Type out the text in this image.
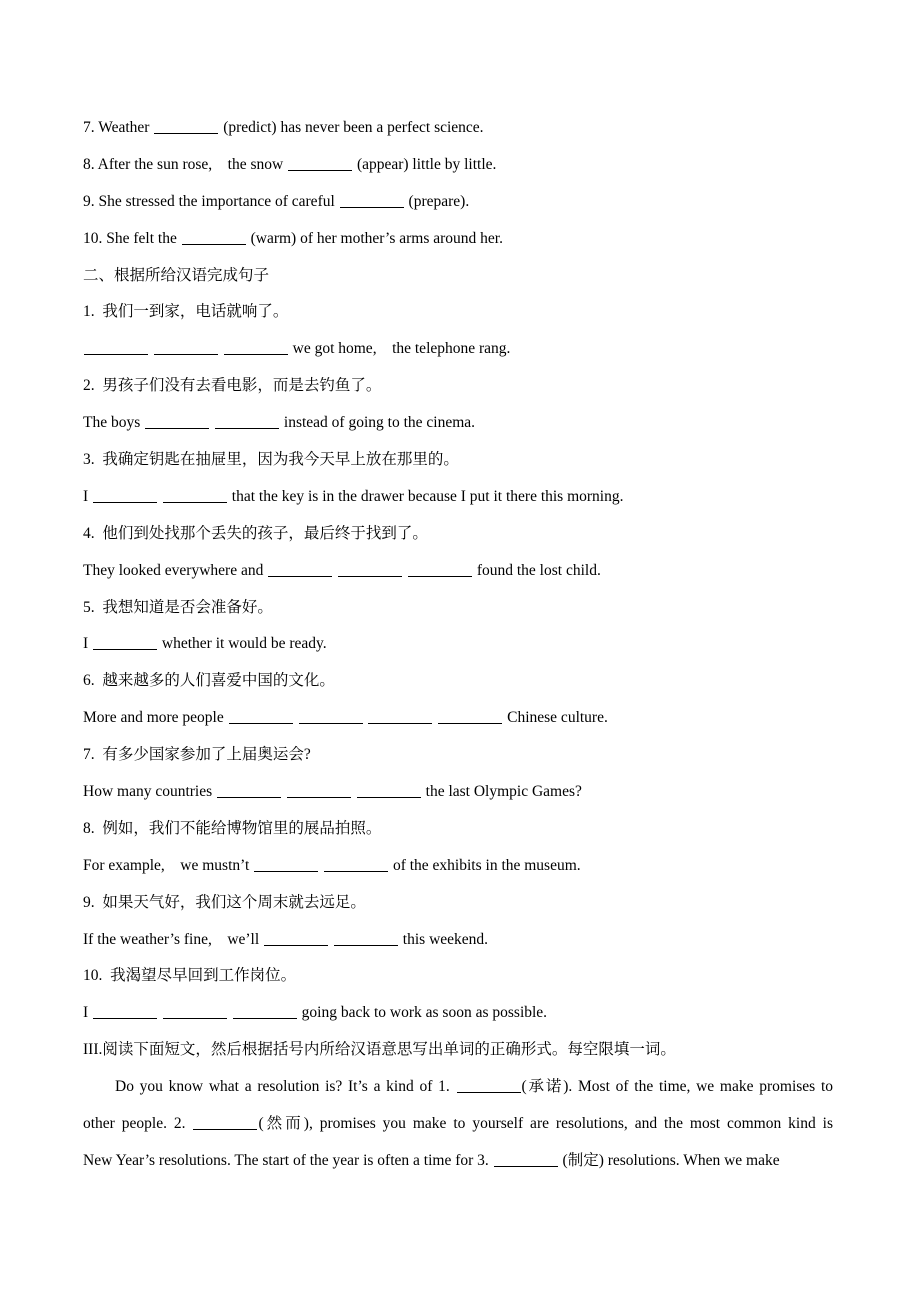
7. Weather	(predict) has never been a perfect science.
8. After the sun rose,    the snow	(appear) little by little.
9. She stressed the importance of careful	(prepare).
10. She felt the	(warm) of her mother’s arms around her.
二、根据所给汉语完成句子
1.  我们一到家，电话就响了。
we got home,    the telephone rang.
2.  男孩子们没有去看电影，而是去钓鱼了。
The boys	instead of going to the cinema.
3.  我确定钥匙在抽屉里，因为我今天早上放在那里的。
I	that the key is in the drawer because I put it there this morning.
4.  他们到处找那个丢失的孩子，最后终于找到了。
They looked everywhere and	found the lost child.
5.  我想知道是否会准备好。
I	whether it would be ready.
6.  越来越多的人们喜爱中国的文化。
More and more people	Chinese culture.
7.  有多少国家参加了上届奥运会?
How many countries	the last Olympic Games?
8.  例如，我们不能给博物馆里的展品拍照。
For example,    we mustn’t	of the exhibits in the museum.
9.  如果天气好，我们这个周末就去远足。
If the weather’s fine,    we’ll	this weekend.
10.  我渴望尽早回到工作岗位。
I	going back to work as soon as possible.
III.阅读下面短文，然后根据括号内所给汉语意思写出单词的正确形式。每空限填一词。
Do you know what a resolution is? It’s a kind of 1.	(承诺). Most of the time, we make promises to
other people. 2.	(然而), promises you make to yourself are resolutions, and the most common kind is
New Year’s resolutions. The start of the year is often a time for 3.	(制定) resolutions. When we make
